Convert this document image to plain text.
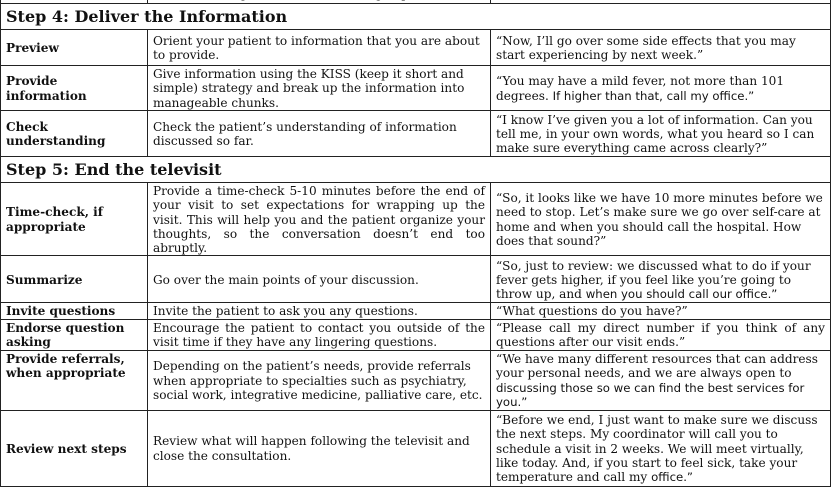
Step 4: Deliver the Information		
Preview	Orient your patient to information that you are about to provide.	“Now, I’ll go over some side effects that you may start experiencing by next week.”
Provide information	Give information using the KISS (keep it short and simple) strategy and break up the information into manageable chunks.	“You may have a mild fever, not more than 101 degrees. If higher than that, call my office.”
Check understanding	Check the patient’s understanding of information discussed so far.	“I know I’ve given you a lot of information. Can you tell me, in your own words, what you heard so I can make sure everything came across clearly?”
Step 5: End the televisit		
Time-check, if appropriate	Provide a time-check 5-10 minutes before the end of your visit to set expectations for wrapping up the visit. This will help you and the patient organize your thoughts, so the conversation doesn’t end too abruptly.	“So, it looks like we have 10 more minutes before we need to stop. Let’s make sure we go over self-care at home and when you should call the hospital. How does that sound?”
Summarize	Go over the main points of your discussion.	“So, just to review: we discussed what to do if your fever gets higher, if you feel like you’re going to throw up, and when you should call our office.”
Invite questions	Invite the patient to ask you any questions.	“What questions do you have?”
Endorse question asking	Encourage the patient to contact you outside of the visit time if they have any lingering questions.	“Please call my direct number if you think of any questions after our visit ends.”
Provide referrals, when appropriate	Depending on the patient’s needs, provide referrals when appropriate to specialties such as psychiatry, social work, integrative medicine, palliative care, etc.	“We have many different resources that can address your personal needs, and we are always open to discussing those so we can find the best services for you.”
Review next steps	Review what will happen following the televisit and close the consultation.	“Before we end, I just want to make sure we discuss the next steps. My coordinator will call you to schedule a visit in 2 weeks. We will meet virtually, like today. And, if you start to feel sick, take your temperature and call my office.”
